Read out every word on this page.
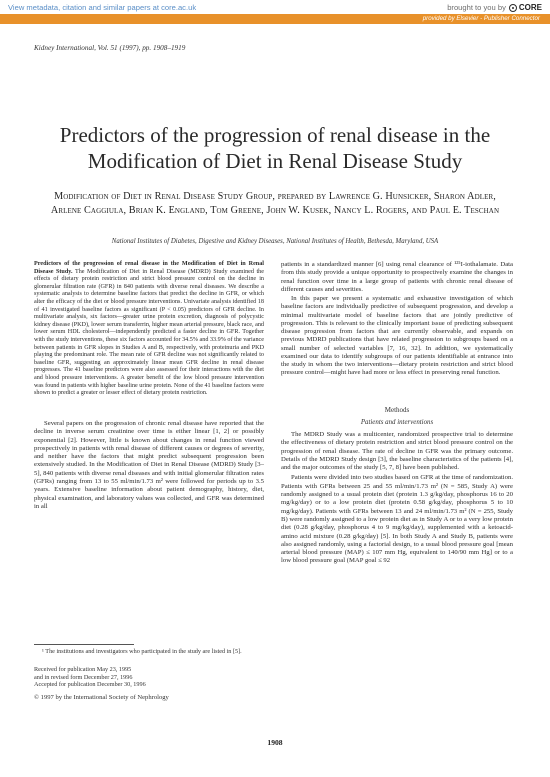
View metadata, citation and similar papers at core.ac.uk	brought to you by CORE
provided by Elsevier - Publisher Connector
Kidney International, Vol. 51 (1997), pp. 1908–1919
Predictors of the progression of renal disease in the Modification of Diet in Renal Disease Study
Modification of Diet in Renal Disease Study Group, prepared by Lawrence G. Hunsicker, Sharon Adler, Arlene Caggiula, Brian K. England, Tom Greene, John W. Kusek, Nancy L. Rogers, and Paul E. Teschan
National Institutes of Diabetes, Digestive and Kidney Diseases, National Institutes of Health, Bethesda, Maryland, USA
Predictors of the progression of renal disease in the Modification of Diet in Renal Disease Study. The Modification of Diet in Renal Disease (MDRD) Study examined the effects of dietary protein restriction and strict blood pressure control on the decline in glomerular filtration rate (GFR) in 840 patients with diverse renal diseases. We describe a systematic analysis to determine baseline factors that predict the decline in GFR, or which alter the efficacy of the diet or blood pressure interventions. Univariate analysis identified 18 of 41 investigated baseline factors as significant (P < 0.05) predictors of GFR decline. In multivariate analysis, six factors—greater urine protein excretion, diagnosis of polycystic kidney disease (PKD), lower serum transferrin, higher mean arterial pressure, black race, and lower serum HDL cholesterol—independently predicted a faster decline in GFR. Together with the study interventions, these six factors accounted for 34.5% and 33.9% of the variance between patients in GFR slopes in Studies A and B, respectively, with proteinuria and PKD playing the predominant role. The mean rate of GFR decline was not significantly related to baseline GFR, suggesting an approximately linear mean GFR decline in renal disease progresses. The 41 baseline predictors were also assessed for their interactions with the diet and blood pressure interventions. A greater benefit of the low blood pressure intervention was found in patients with higher baseline urine protein. None of the 41 baseline factors were shown to predict a greater or lesser effect of dietary protein restriction.

patients in a standardized manner [6] using renal clearance of ¹²⁵I-iothalamate. Data from this study provide a unique opportunity to prospectively examine the changes in renal function over time in a large group of patients with chronic renal disease of different causes and severities.

In this paper we present a systematic and exhaustive investigation of which baseline factors are individually predictive of subsequent progression, and develop a minimal multivariate model of baseline factors that are jointly predictive of progression. This is relevant to the clinically important issue of predicting subsequent disease progression from factors that are currently observable, and expands on previous MDRD publications that have related progression to subgroups based on a small number of selected variables [7, 16, 32]. In addition, we systematically examined our data to identify subgroups of our patients identifiable at entrance into the study in whom the two interventions—dietary protein restriction and strict blood pressure control—might have had more or less effect in preserving renal function.

Several papers on the progression of chronic renal disease have reported that the decline in inverse serum creatinine over time is either linear [1, 2] or possibly exponential [2]. However, little is known about changes in renal function viewed prospectively in patients with renal disease of different causes or degrees of severity, and neither have the factors that might predict subsequent progression been extensively studied. In the Modification of Diet in Renal Disease (MDRD) Study [3–5], 840 patients with diverse renal diseases and with initial glomerular filtration rates (GFRs) ranging from 13 to 55 ml/min/1.73 m² were followed for periods up to 3.5 years. Extensive baseline information about patient demography, history, diet, physical examination, and laboratory values was collected, and GFR was determined in all
Methods
Patients and interventions

The MDRD Study was a multicenter, randomized prospective trial to determine the effectiveness of dietary protein restriction and strict blood pressure control on the progression of renal disease. The rate of decline in GFR was the primary outcome. Details of the MDRD Study design [3], the baseline characteristics of the patients [4], and the major outcomes of the study [5, 7, 8] have been published.

Patients were divided into two studies based on GFR at the time of randomization. Patients with GFRs between 25 and 55 ml/min/1.73 m² (N = 585, Study A) were randomly assigned to a usual protein diet (protein 1.3 g/kg/day, phosphorus 16 to 20 mg/kg/day) or to a low protein diet (protein 0.58 g/kg/day, phosphorus 5 to 10 mg/kg/day). Patients with GFRs between 13 and 24 ml/min/1.73 m² (N = 255, Study B) were randomly assigned to a low protein diet as in Study A or to a very low protein diet (0.28 g/kg/day, phosphorus 4 to 9 mg/kg/day), supplemented with a ketoacid-amino acid mixture (0.28 g/kg/day) [5]. In both Study A and Study B, patients were also assigned randomly, using a factorial design, to a usual blood pressure goal [mean arterial blood pressure (MAP) ≤ 107 mm Hg, equivalent to 140/90 mm Hg] or to a low blood pressure goal (MAP goal ≤ 92

¹ The institutions and investigators who participated in the study are listed in [5].
Received for publication May 23, 1995
and in revised form December 27, 1996
Accepted for publication December 30, 1996
© 1997 by the International Society of Nephrology
1908
